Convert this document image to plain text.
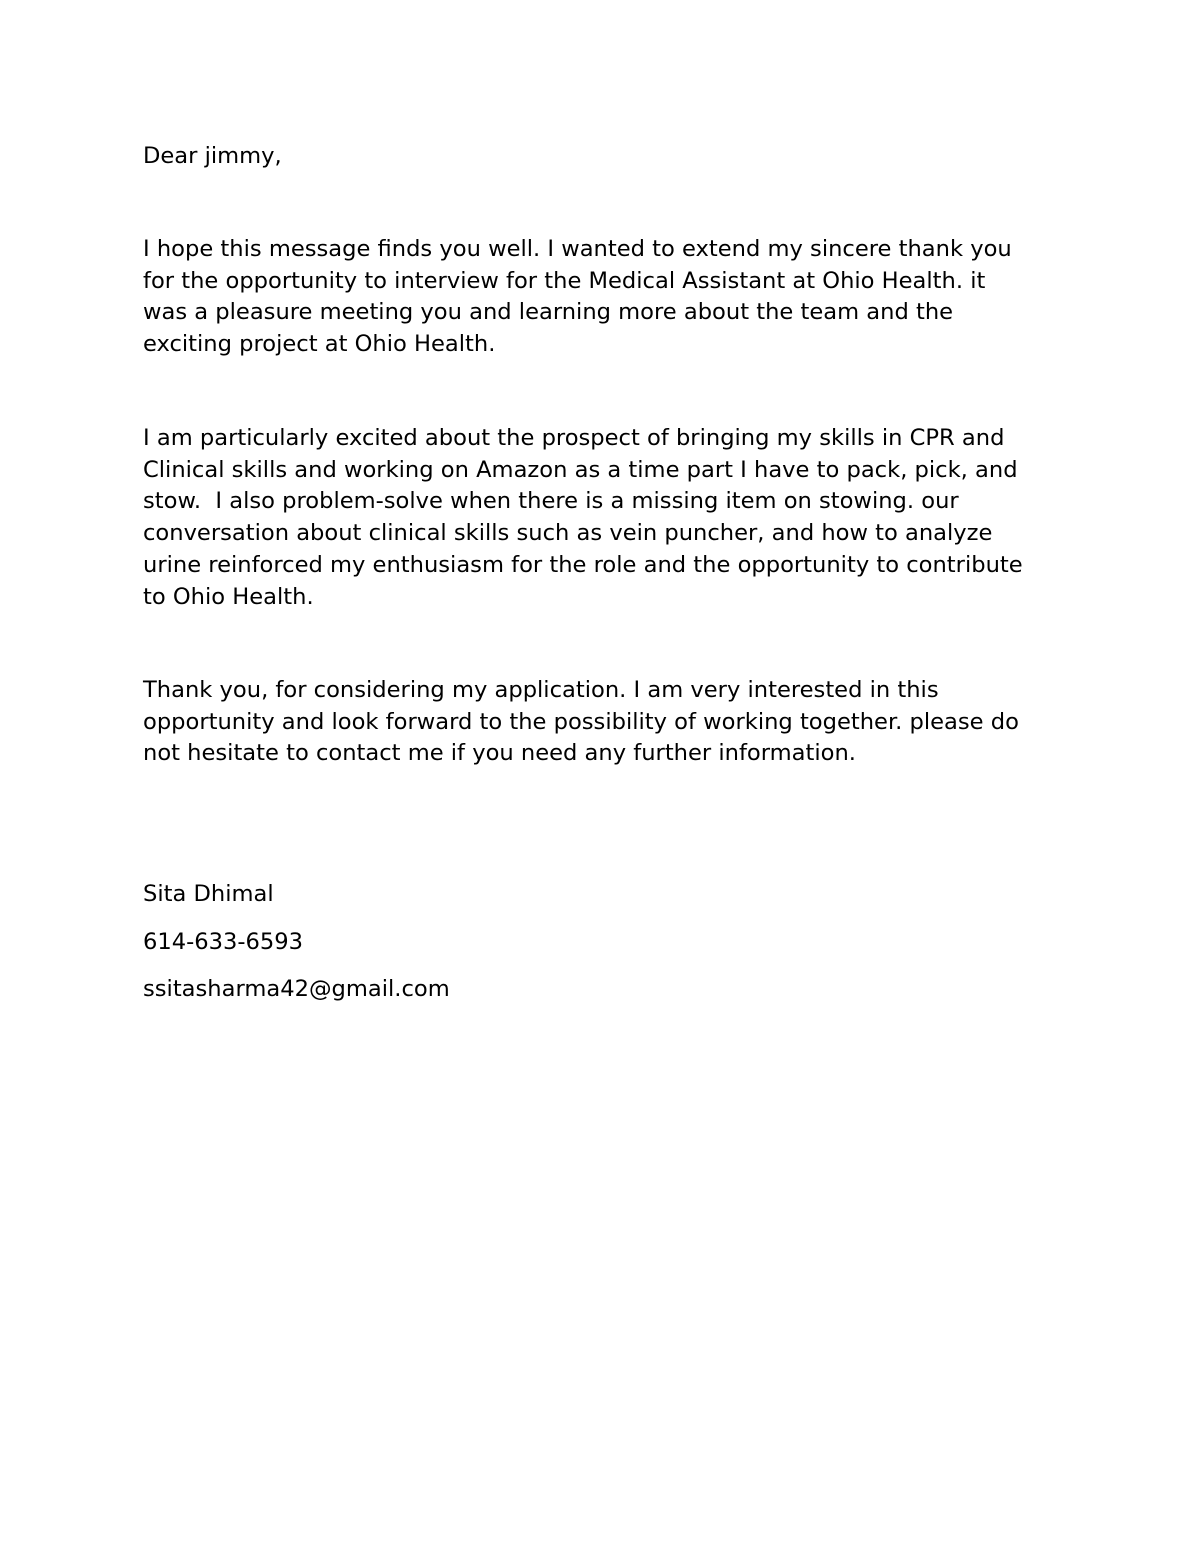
Dear jimmy,

I hope this message finds you well. I wanted to extend my sincere thank you
for the opportunity to interview for the Medical Assistant at Ohio Health. it
was a pleasure meeting you and learning more about the team and the
exciting project at Ohio Health.

I am particularly excited about the prospect of bringing my skills in CPR and
Clinical skills and working on Amazon as a time part I have to pack, pick, and
stow.  I also problem-solve when there is a missing item on stowing. our
conversation about clinical skills such as vein puncher, and how to analyze
urine reinforced my enthusiasm for the role and the opportunity to contribute
to Ohio Health.

Thank you, for considering my application. I am very interested in this
opportunity and look forward to the possibility of working together. please do
not hesitate to contact me if you need any further information.

Sita Dhimal

614-633-6593

ssitasharma42@gmail.com
